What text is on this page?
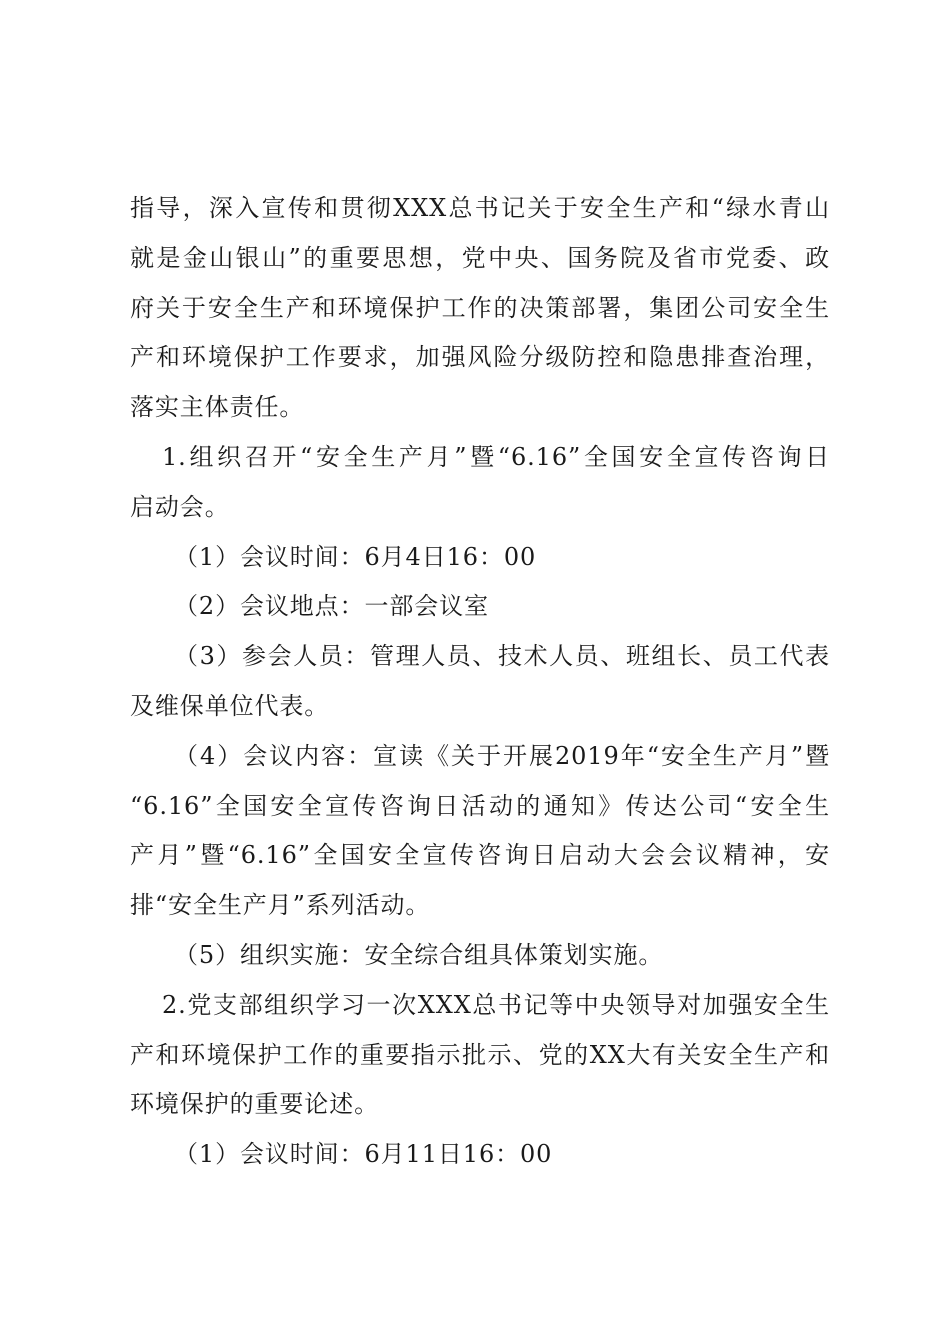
指导，深入宣传和贯彻XXX总书记关于安全生产和“绿水青山
就是金山银山”的重要思想，党中央、国务院及省市党委、政
府关于安全生产和环境保护工作的决策部署，集团公司安全生
产和环境保护工作要求，加强风险分级防控和隐患排查治理，
落实主体责任。
1.组织召开“安全生产月”暨“6.16”全国安全宣传咨询日
启动会。
（1）会议时间：6月4日16：00
（2）会议地点：一部会议室
（3）参会人员：管理人员、技术人员、班组长、员工代表
及维保单位代表。
（4）会议内容：宣读《关于开展2019年“安全生产月”暨
“6.16”全国安全宣传咨询日活动的通知》传达公司“安全生
产月”暨“6.16”全国安全宣传咨询日启动大会会议精神，安
排“安全生产月”系列活动。
（5）组织实施：安全综合组具体策划实施。
2.党支部组织学习一次XXX总书记等中央领导对加强安全生
产和环境保护工作的重要指示批示、党的XX大有关安全生产和
环境保护的重要论述。
（1）会议时间：6月11日16：00
